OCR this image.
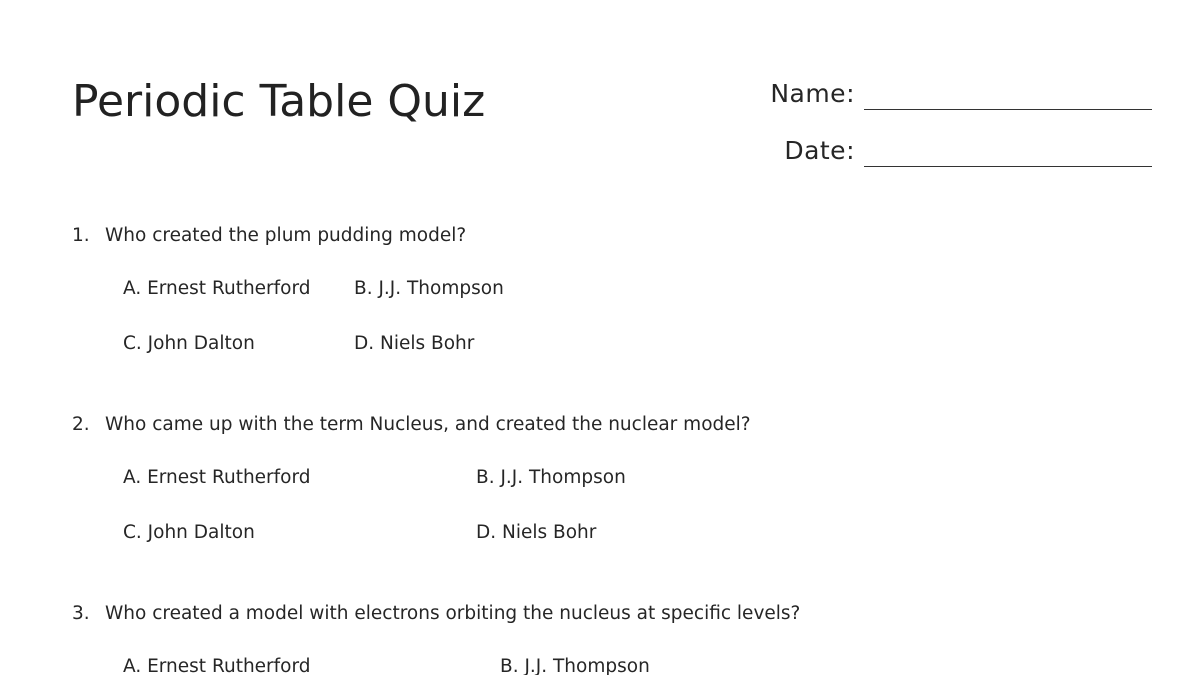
Periodic Table Quiz	Name:
Date:

1. Who created the plum pudding model?

A. Ernest Rutherford B. J.J. Thompson
C. John Dalton	D. Niels Bohr

2. Who came up with the term Nucleus, and created the nuclear model?

A. Ernest Rutherford	B. J.J. Thompson
C. John Dalton	D. Niels Bohr

3. Who created a model with electrons orbiting the nucleus at specific levels?

A. Ernest Rutherford	B. J.J. Thompson
